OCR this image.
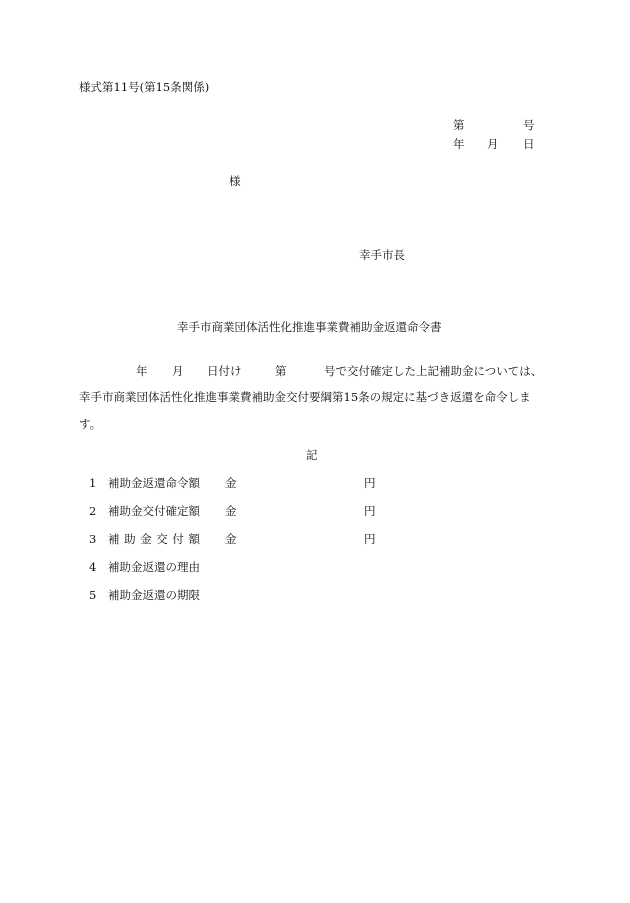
様式第11号(第15条関係)
第	号
年 月 日
様
幸手市長
幸手市商業団体活性化推進事業費補助金返還命令書
年 月 日付け	第	号で交付確定した上記補助金については、
幸手市商業団体活性化推進事業費補助金交付要綱第15条の規定に基づき返還を命令しま
す。
記
1 補助金返還命令額 金	円
2 補助金交付確定額 金	円
3 補助金交付額 金	円
4 補助金返還の理由
5 補助金返還の期限
